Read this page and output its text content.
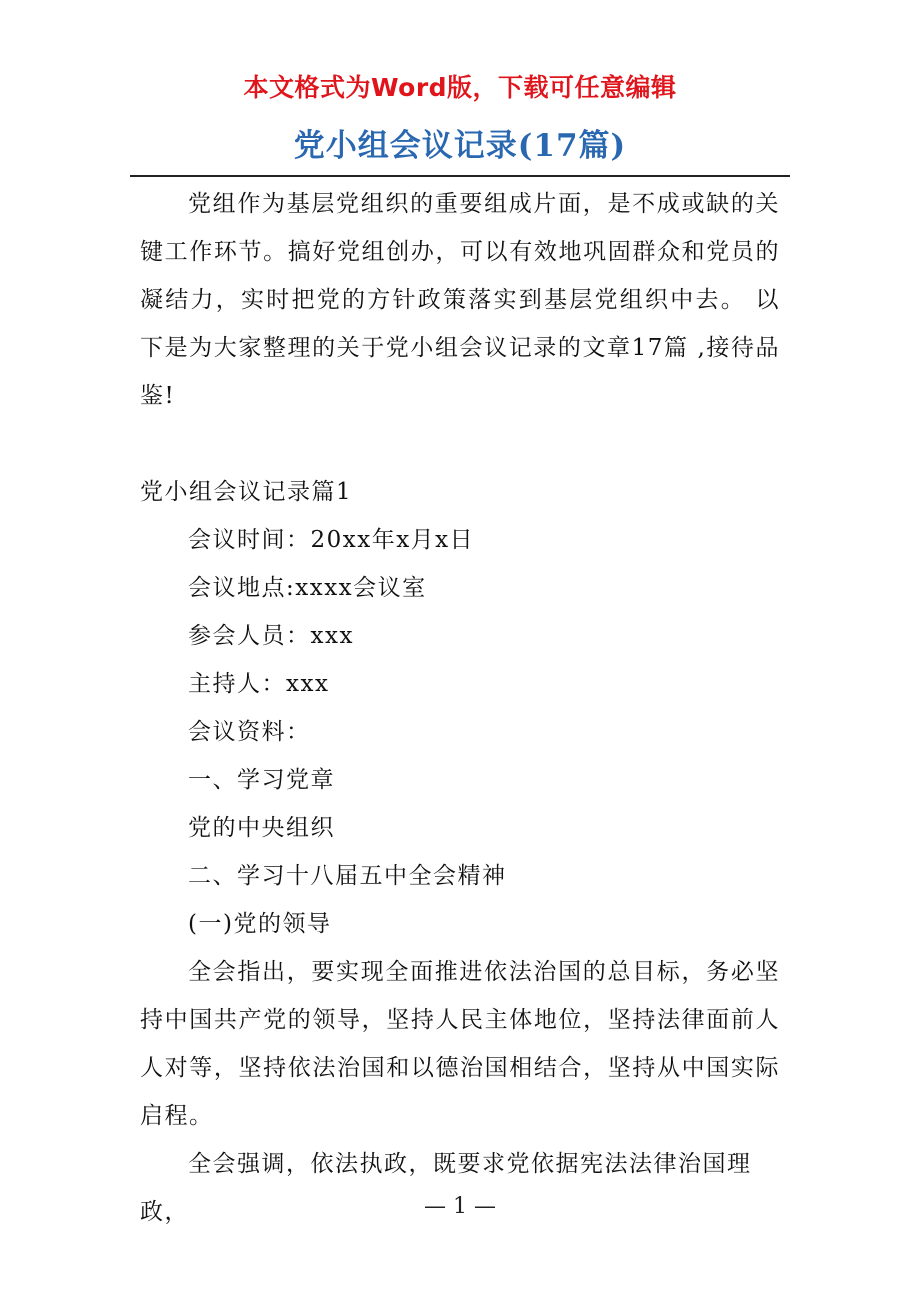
本文格式为Word版，下载可任意编辑
党小组会议记录(17篇)

党组作为基层党组织的重要组成片面，是不成或缺的关键工作环节。搞好党组创办，可以有效地巩固群众和党员的凝结力，实时把党的方针政策落实到基层党组织中去。 以下是为大家整理的关于党小组会议记录的文章17篇 ,接待品鉴!

党小组会议记录篇1

会议时间：20xx年x月x日

会议地点:xxxx会议室

参会人员：xxx

主持人：xxx

会议资料：

一、学习党章

党的中央组织

二、学习十八届五中全会精神

(一)党的领导

全会指出，要实现全面推进依法治国的总目标，务必坚持中国共产党的领导，坚持人民主体地位，坚持法律面前人人对等，坚持依法治国和以德治国相结合，坚持从中国实际启程。

全会强调，依法执政，既要求党依据宪法法律治国理政，	— 1 —
